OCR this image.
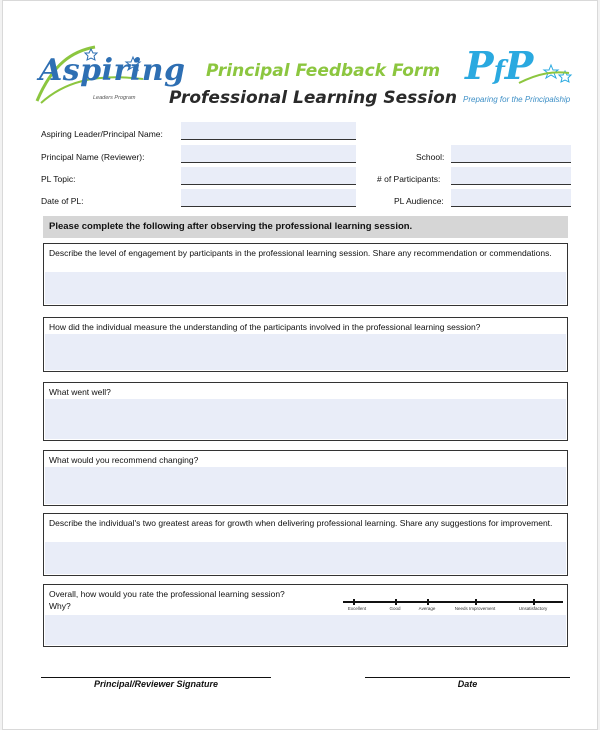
Aspiring
Leaders Program
Principal Feedback Form
Professional Learning Session
PfP
Preparing for the Principalship
Aspiring Leader/Principal Name:
Principal Name (Reviewer):
PL Topic:
Date of PL:
School:
# of Participants:
PL Audience:
Please complete the following after observing the professional learning session.
Describe the level of engagement by participants in the professional learning session. Share any recommendation or commendations.
How did the individual measure the understanding of the participants involved in the professional learning session?
What went well?
What would you recommend changing?
Describe the individual's two greatest areas for growth when delivering professional learning. Share any suggestions for improvement.
Overall, how would you rate the professional learning session?
Why?	Excellent	Good	Average	Needs Improvement	Unsatisfactory
Principal/Reviewer Signature	Date
